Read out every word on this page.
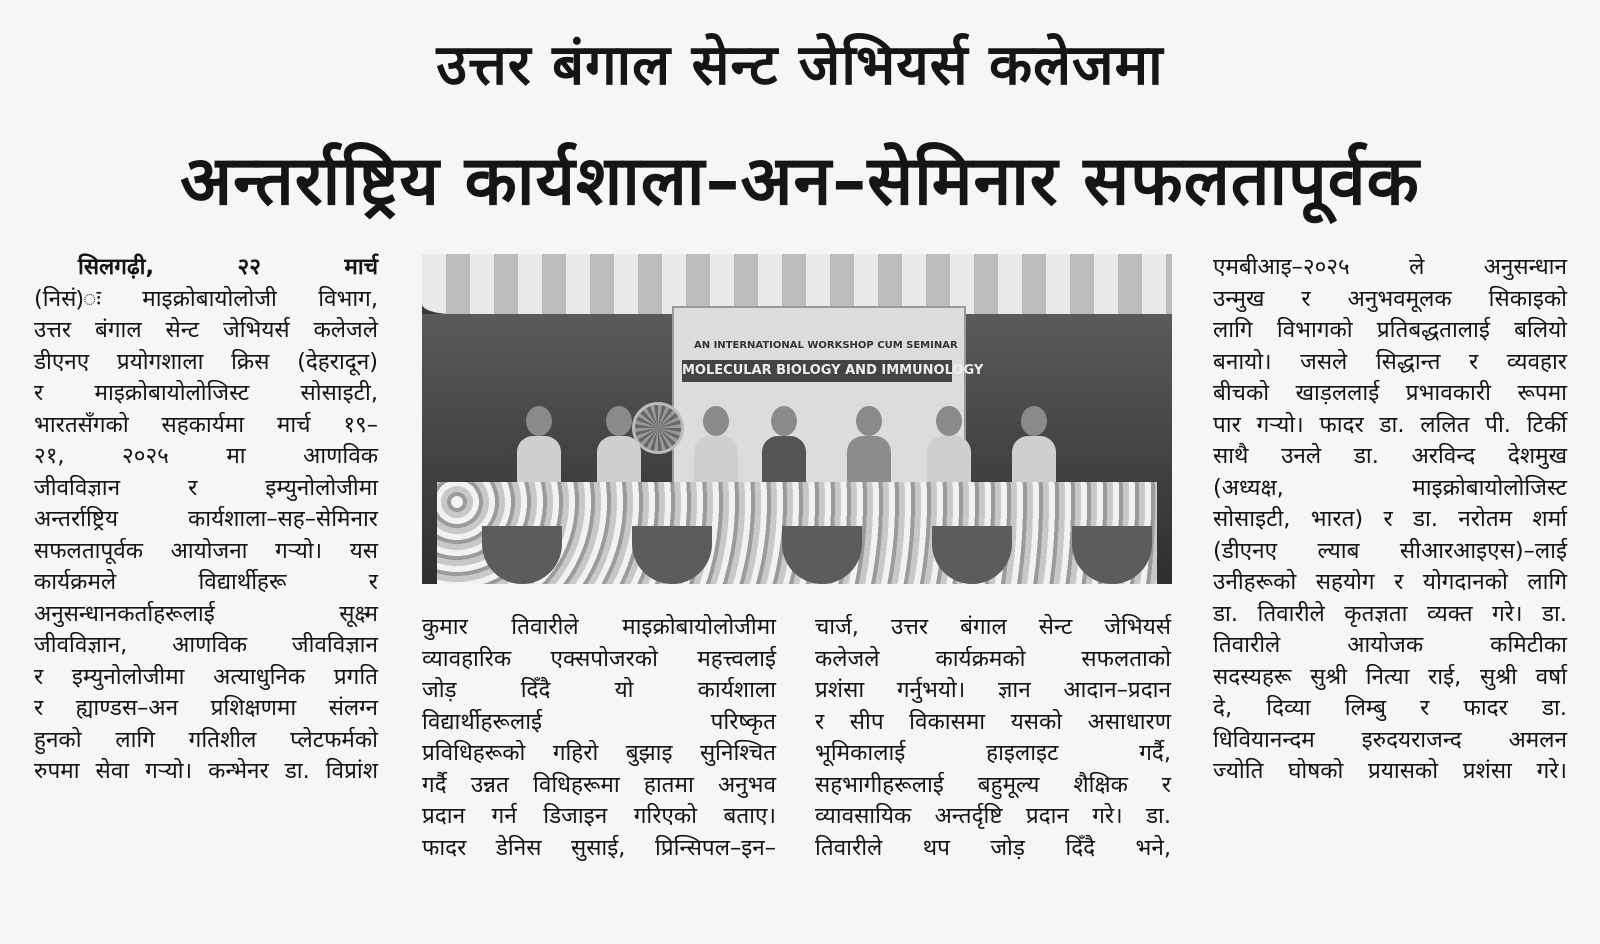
उत्तर बंगाल सेन्ट जेभियर्स कलेजमा
अन्तर्राष्ट्रिय कार्यशाला–अन–सेमिनार सफलतापूर्वक
सिलगढ़ी, २२ मार्च
(निसं)ः माइक्रोबायोलोजी विभाग,
उत्तर बंगाल सेन्ट जेभियर्स कलेजले
डीएनए प्रयोगशाला क्रिस (देहरादून)
र माइक्रोबायोलोजिस्ट सोसाइटी,
भारतसँगको सहकार्यमा मार्च १९–
२१, २०२५ मा आणविक
जीवविज्ञान र इम्युनोलोजीमा
अन्तर्राष्ट्रिय कार्यशाला–सह–सेमिनार
सफलतापूर्वक आयोजना गर्‍यो। यस
कार्यक्रमले विद्यार्थीहरू र
अनुसन्धानकर्ताहरूलाई सूक्ष्म
जीवविज्ञान, आणविक जीवविज्ञान
र इम्युनोलोजीमा अत्याधुनिक प्रगति
र ह्याण्डस–अन प्रशिक्षणमा संलग्न
हुनको लागि गतिशील प्लेटफर्मको
रुपमा सेवा गर्‍यो। कन्भेनर डा. विप्रांश
AN INTERNATIONAL WORKSHOP CUM SEMINAR
MOLECULAR BIOLOGY AND IMMUNOLOGY
कुमार तिवारीले माइक्रोबायोलोजीमा
व्यावहारिक एक्सपोजरको महत्त्वलाई
जोड़ दिँदै यो कार्यशाला
विद्यार्थीहरूलाई परिष्कृत
प्रविधिहरूको गहिरो बुझाइ सुनिश्चित
गर्दै उन्नत विधिहरूमा हातमा अनुभव
प्रदान गर्न डिजाइन गरिएको बताए।
फादर डेनिस सुसाई, प्रिन्सिपल–इन–
चार्ज, उत्तर बंगाल सेन्ट जेभियर्स
कलेजले कार्यक्रमको सफलताको
प्रशंसा गर्नुभयो। ज्ञान आदान–प्रदान
र सीप विकासमा यसको असाधारण
भूमिकालाई हाइलाइट गर्दै,
सहभागीहरूलाई बहुमूल्य शैक्षिक र
व्यावसायिक अन्तर्दृष्टि प्रदान गरे। डा.
तिवारीले थप जोड़ दिँदै भने,
एमबीआइ–२०२५ ले अनुसन्धान
उन्मुख र अनुभवमूलक सिकाइको
लागि विभागको प्रतिबद्धतालाई बलियो
बनायो। जसले सिद्धान्त र व्यवहार
बीचको खाड़ललाई प्रभावकारी रूपमा
पार गर्‍यो। फादर डा. ललित पी. टिर्की
साथै उनले डा. अरविन्द देशमुख
(अध्यक्ष, माइक्रोबायोलोजिस्ट
सोसाइटी, भारत) र डा. नरोतम शर्मा
(डीएनए ल्याब सीआरआइएस)–लाई
उनीहरूको सहयोग र योगदानको लागि
डा. तिवारीले कृतज्ञता व्यक्त गरे। डा.
तिवारीले आयोजक कमिटीका
सदस्यहरू सुश्री नित्या राई, सुश्री वर्षा
दे, दिव्या लिम्बु र फादर डा.
धिवियानन्दम इरुदयराजन्द अमलन
ज्योति घोषको प्रयासको प्रशंसा गरे।
